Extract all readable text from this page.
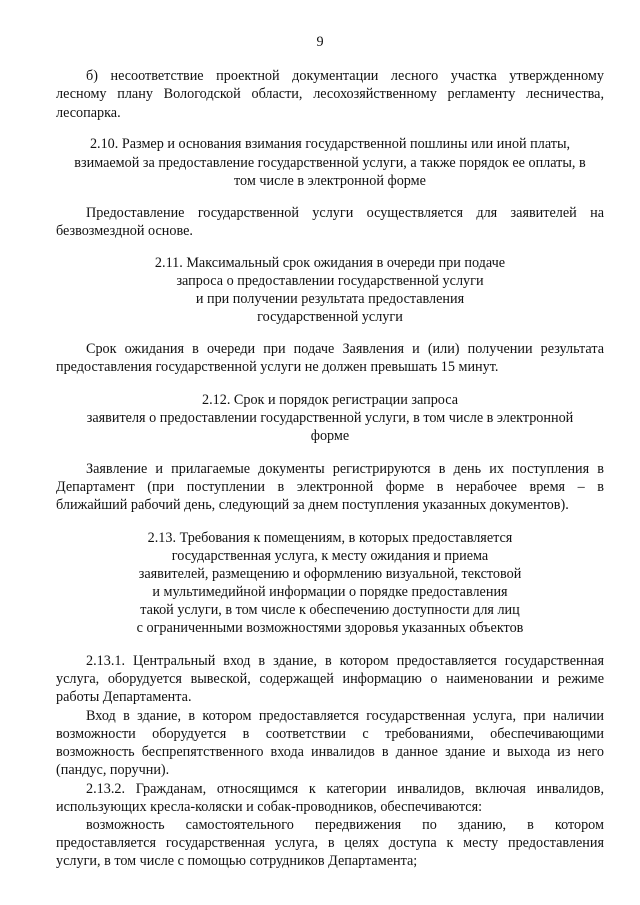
9
б) несоответствие проектной документации лесного участка утвержденному
лесному плану Вологодской области, лесохозяйственному регламенту лесничества,
лесопарка.
2.10. Размер и основания взимания государственной пошлины или иной платы,
взимаемой за предоставление государственной услуги, а также порядок ее оплаты, в
том числе в электронной форме
Предоставление государственной услуги осуществляется для заявителей на
безвозмездной основе.
2.11. Максимальный срок ожидания в очереди при подаче
запроса о предоставлении государственной услуги
и при получении результата предоставления
государственной услуги
Срок ожидания в очереди при подаче Заявления и (или) получении результата
предоставления государственной услуги не должен превышать 15 минут.
2.12. Срок и порядок регистрации запроса
заявителя о предоставлении государственной услуги, в том числе в электронной
форме
Заявление и прилагаемые документы регистрируются в день их поступления в
Департамент (при поступлении в электронной форме в нерабочее время – в
ближайший рабочий день, следующий за днем поступления указанных документов).
2.13. Требования к помещениям, в которых предоставляется
государственная услуга, к месту ожидания и приема
заявителей, размещению и оформлению визуальной, текстовой
и мультимедийной информации о порядке предоставления
такой услуги, в том числе к обеспечению доступности для лиц
с ограниченными возможностями здоровья указанных объектов
2.13.1. Центральный вход в здание, в котором предоставляется государственная
услуга, оборудуется вывеской, содержащей информацию о наименовании и режиме
работы Департамента.
Вход в здание, в котором предоставляется государственная услуга, при наличии
возможности оборудуется в соответствии с требованиями, обеспечивающими
возможность беспрепятственного входа инвалидов в данное здание и выхода из него
(пандус, поручни).
2.13.2. Гражданам, относящимся к категории инвалидов, включая инвалидов,
использующих кресла-коляски и собак-проводников, обеспечиваются:
возможность самостоятельного передвижения по зданию, в котором
предоставляется государственная услуга, в целях доступа к месту предоставления
услуги, в том числе с помощью сотрудников Департамента;
